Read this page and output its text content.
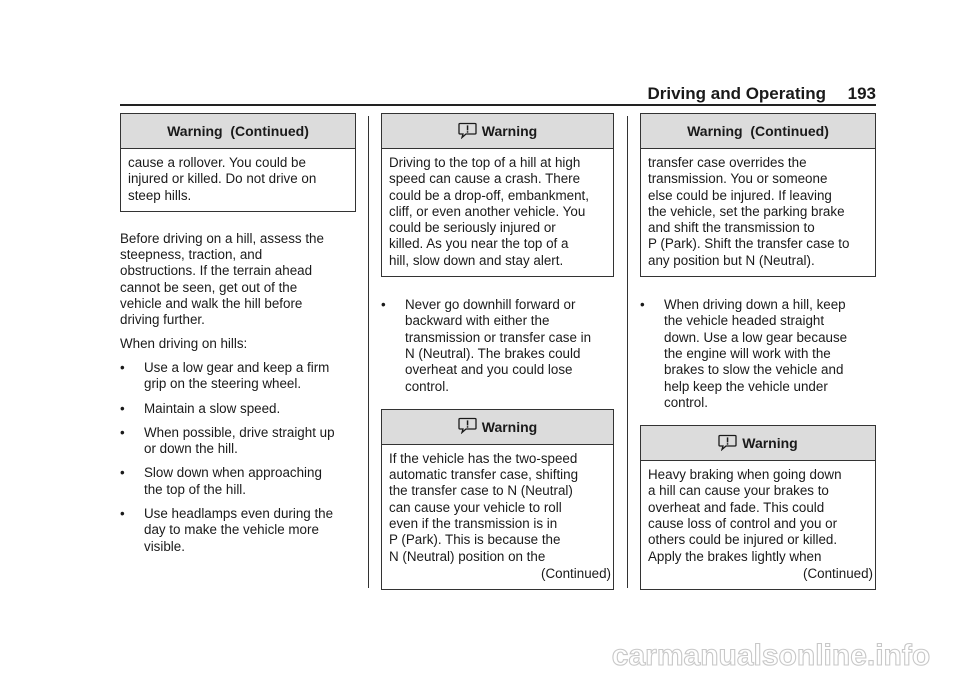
Driving and Operating	193
Warning  (Continued)
cause a rollover. You could be
injured or killed. Do not drive on
steep hills.

Before driving on a hill, assess the
steepness, traction, and
obstructions. If the terrain ahead
cannot be seen, get out of the
vehicle and walk the hill before
driving further.

When driving on hills:

• Use a low gear and keep a firm
grip on the steering wheel.
• Maintain a slow speed.
• When possible, drive straight up
or down the hill.
• Slow down when approaching
the top of the hill.
• Use headlamps even during the
day to make the vehicle more
visible.
Warning
Driving to the top of a hill at high
speed can cause a crash. There
could be a drop-off, embankment,
cliff, or even another vehicle. You
could be seriously injured or
killed. As you near the top of a
hill, slow down and stay alert.
• Never go downhill forward or
backward with either the
transmission or transfer case in
N (Neutral). The brakes could
overheat and you could lose
control.
Warning
If the vehicle has the two-speed
automatic transfer case, shifting
the transfer case to N (Neutral)
can cause your vehicle to roll
even if the transmission is in
P (Park). This is because the
N (Neutral) position on the
(Continued)
Warning  (Continued)
transfer case overrides the
transmission. You or someone
else could be injured. If leaving
the vehicle, set the parking brake
and shift the transmission to
P (Park). Shift the transfer case to
any position but N (Neutral).
• When driving down a hill, keep
the vehicle headed straight
down. Use a low gear because
the engine will work with the
brakes to slow the vehicle and
help keep the vehicle under
control.
Warning
Heavy braking when going down
a hill can cause your brakes to
overheat and fade. This could
cause loss of control and you or
others could be injured or killed.
Apply the brakes lightly when
(Continued)
carmanualsonline.info
